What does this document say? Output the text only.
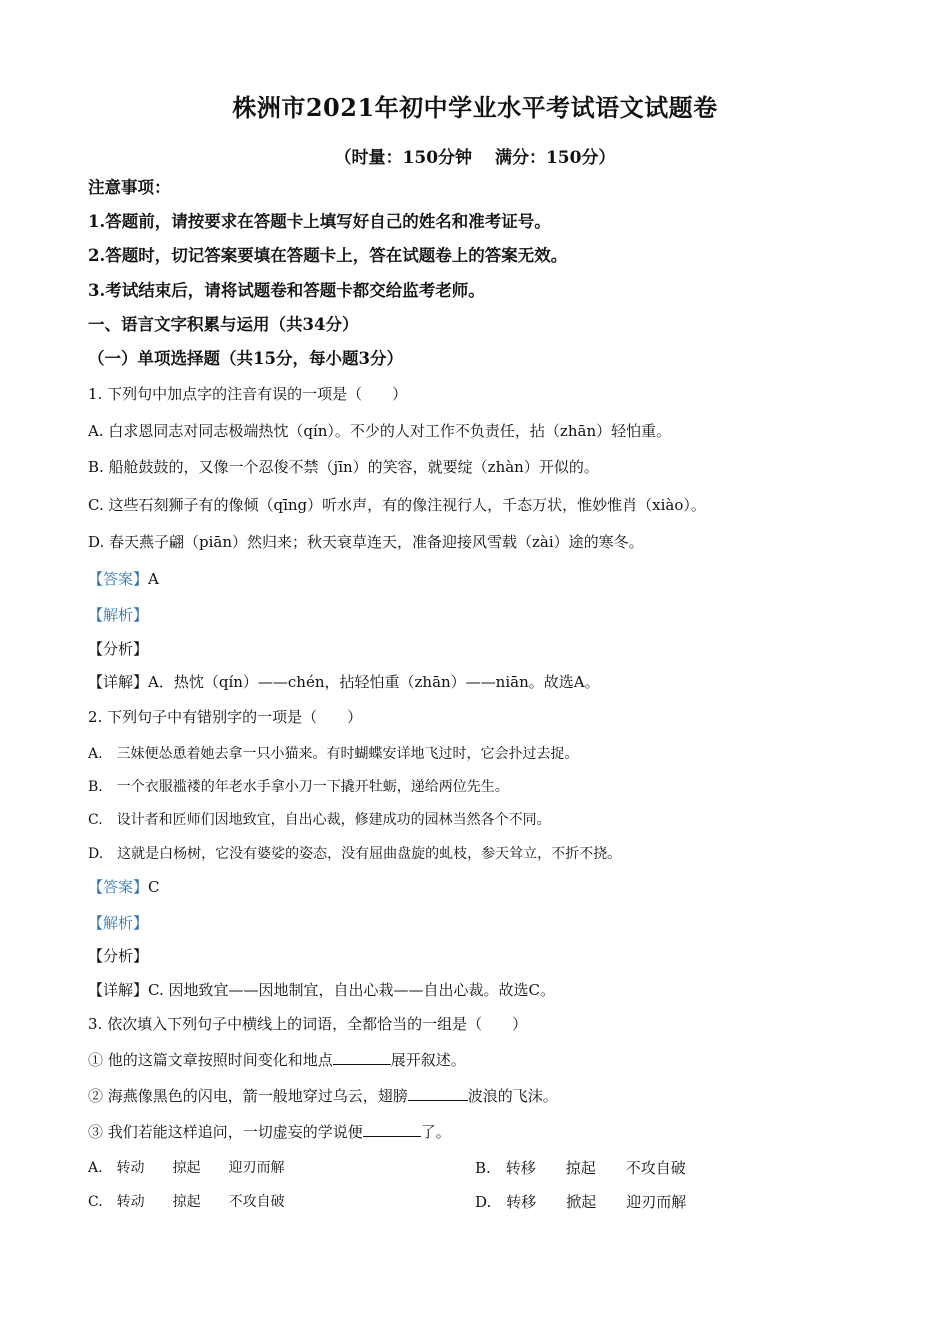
株洲市2021年初中学业水平考试语文试题卷
（时量：150分钟　 满分：150分）
注意事项：
1.答题前，请按要求在答题卡上填写好自己的姓名和准考证号。
2.答题时，切记答案要填在答题卡上，答在试题卷上的答案无效。
3.考试结束后，请将试题卷和答题卡都交给监考老师。
一、语言文字积累与运用（共34分）
（一）单项选择题（共15分，每小题3分）
1. 下列句中加点字的注音有误的一项是（　　）
A. 白求恩同志对同志极端热忱（qín）。不少的人对工作不负责任，拈（zhān）轻怕重。
B. 船舱鼓鼓的，又像一个忍俊不禁（jīn）的笑容，就要绽（zhàn）开似的。
C. 这些石刻狮子有的像倾（qīng）听水声，有的像注视行人，千态万状，惟妙惟肖（xiào）。
D. 春天燕子翩（piān）然归来；秋天衰草连天，准备迎接风雪载（zài）途的寒冬。
【答案】A
【解析】
【分析】
【详解】A．热忱（qín）——chén，拈轻怕重（zhān）——niān。故选A。
2. 下列句子中有错别字的一项是（　　）
A.　三妹便怂恿着她去拿一只小猫来。有时蝴蝶安详地飞过时，它会扑过去捉。
B.　一个衣服褴褛的年老水手拿小刀一下撬开牡蛎，递给两位先生。
C.　设计者和匠师们因地致宜，自出心裁，修建成功的园林当然各个不同。
D.　这就是白杨树，它没有婆娑的姿态，没有屈曲盘旋的虬枝，参天耸立，不折不挠。
【答案】C
【解析】
【分析】
【详解】C. 因地致宜——因地制宜，自出心栽——自出心裁。故选C。
3. 依次填入下列句子中横线上的词语，全都恰当的一组是（　　）
① 他的这篇文章按照时间变化和地点	展开叙述。
② 海燕像黑色的闪电，箭一般地穿过乌云，翅膀	波浪的飞沫。
③ 我们若能这样追问，一切虚妄的学说便	了。
A.　转动　　掠起　　迎刃而解	B.　转移　　掠起　　不攻自破
C.　转动　　掠起　　不攻自破	D.　转移　　掀起　　迎刃而解
